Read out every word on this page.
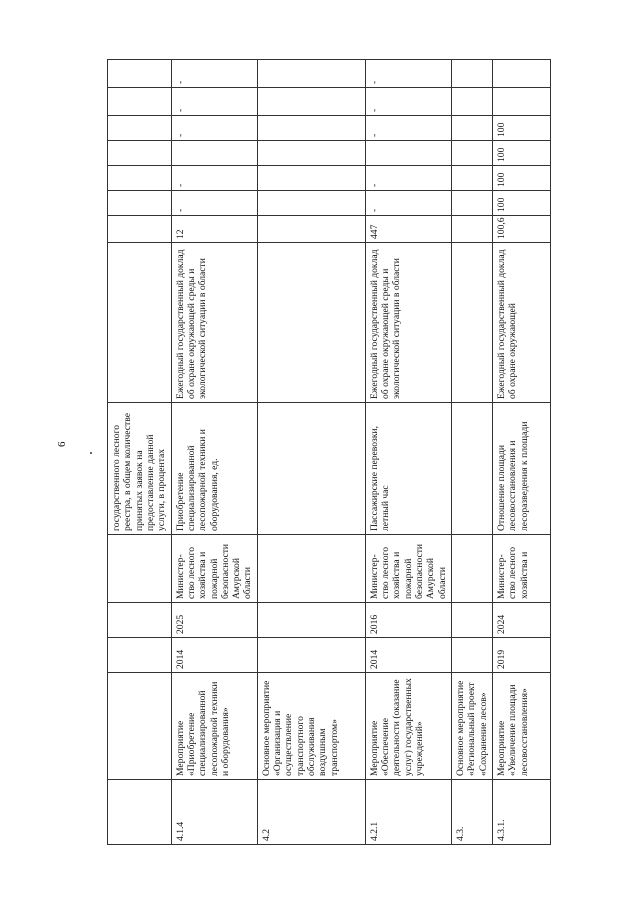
6
						государственного лесного реестра, в общем количестве принятых заявок на предоставление данной услуги, в процентах								
4.1.4	Мероприятие «Приобретение специализированной лесопожарной техники и оборудования»	2014	2025	Министер-ство лесного хозяйства и пожарной безопасности Амурской области	Приобретение специализированной лесопожарной техники и оборудования, ед.	Ежегодный государственный доклад об охране окружающей среды и экологической ситуации в области	12	-	-		-	-	-
4.2	Основное мероприятие «Организация и осуществление транспортного обслуживания воздушным транспортом»												
4.2.1	Мероприятие «Обеспечение деятельности (оказание услуг) государственных учреждений»	2014	2016	Министер-ство лесного хозяйства и пожарной безопасности Амурской области	Пассажирские перевозки, летный час	Ежегодный государственный доклад об охране окружающей среды и экологической ситуации в области	447	-	-		-	-	-
4.3.	Основное мероприятие «Региональный проект «Сохранение лесов»												
4.3.1.	Мероприятие «Увеличение площади лесовосстановления»	2019	2024	Министер-ство лесного хозяйства и	Отношение площади лесовосстановления и лесоразведения к площади	Ежегодный государственный доклад об охране окружающей	100,6	100	100	100	100		
